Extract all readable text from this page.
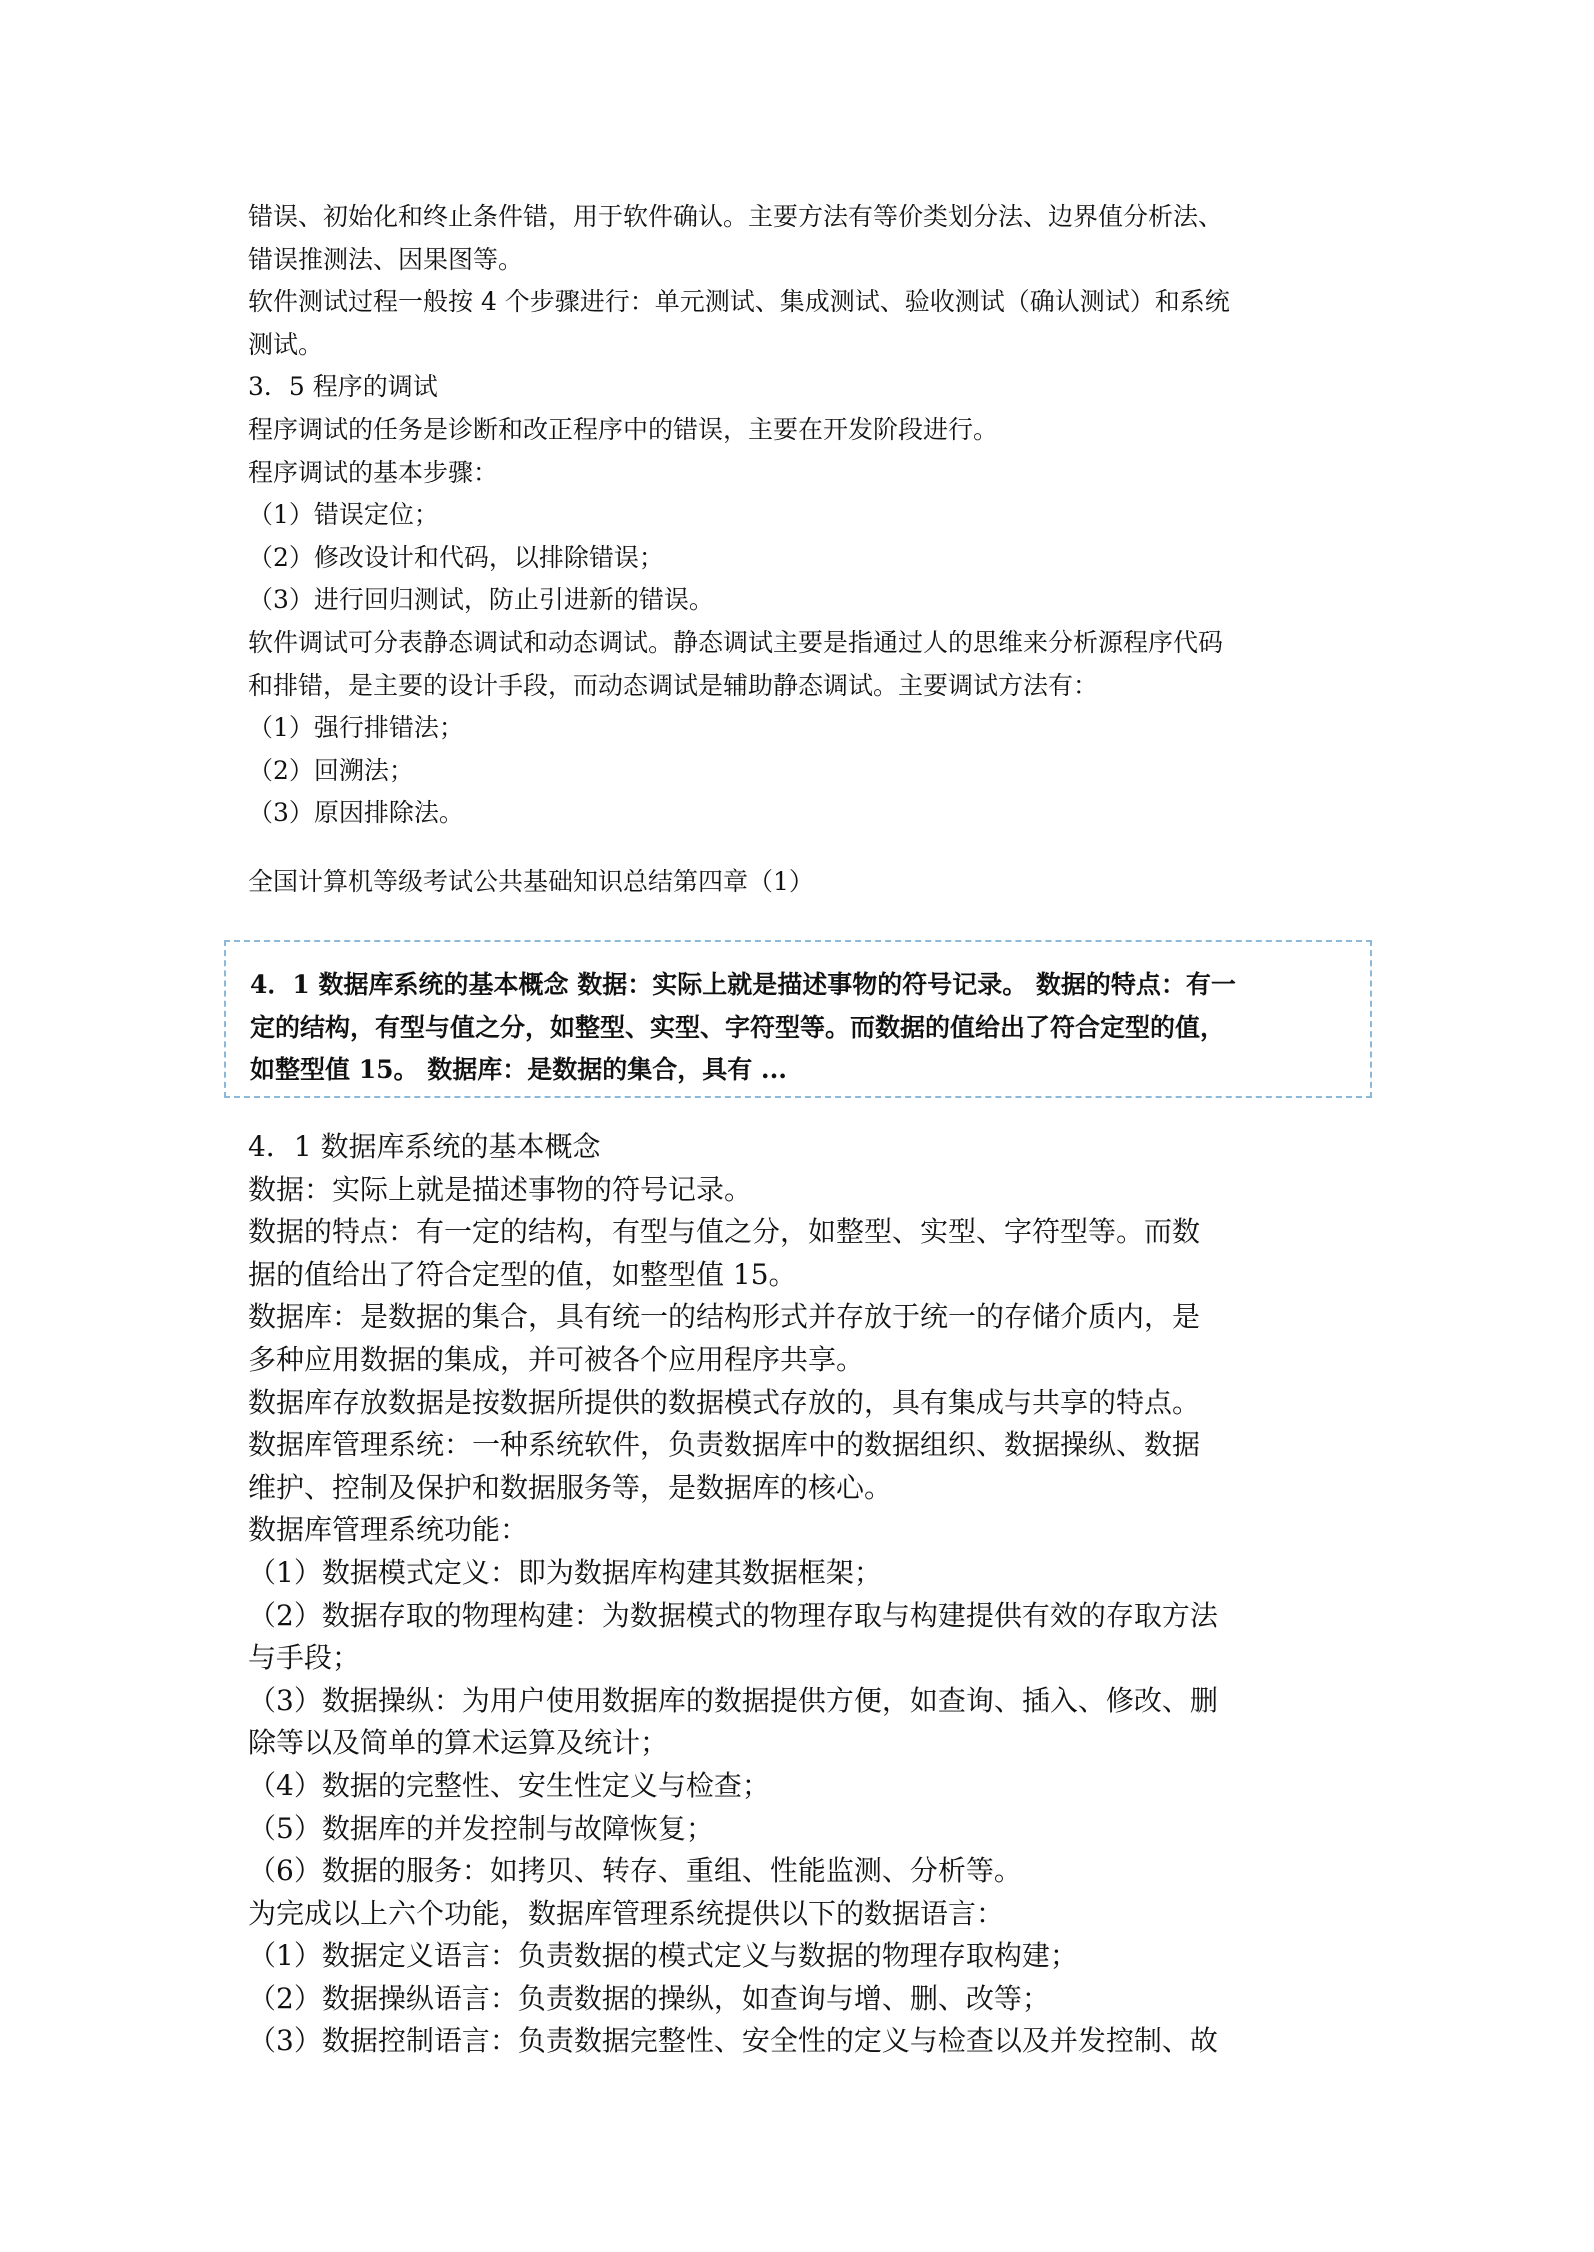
错误、初始化和终止条件错，用于软件确认。主要方法有等价类划分法、边界值分析法、

错误推测法、因果图等。

软件测试过程一般按 4 个步骤进行：单元测试、集成测试、验收测试（确认测试）和系统

测试。

3．5 程序的调试

程序调试的任务是诊断和改正程序中的错误，主要在开发阶段进行。

程序调试的基本步骤：

（1）错误定位；

（2）修改设计和代码，以排除错误；

（3）进行回归测试，防止引进新的错误。

软件调试可分表静态调试和动态调试。静态调试主要是指通过人的思维来分析源程序代码

和排错，是主要的设计手段，而动态调试是辅助静态调试。主要调试方法有：

（1）强行排错法；

（2）回溯法；

（3）原因排除法。

全国计算机等级考试公共基础知识总结第四章（1）

4．1 数据库系统的基本概念 数据：实际上就是描述事物的符号记录。 数据的特点：有一

定的结构，有型与值之分，如整型、实型、字符型等。而数据的值给出了符合定型的值，

如整型值 15。 数据库：是数据的集合，具有 ...

4．1 数据库系统的基本概念

数据：实际上就是描述事物的符号记录。

数据的特点：有一定的结构，有型与值之分，如整型、实型、字符型等。而数

据的值给出了符合定型的值，如整型值 15。

数据库：是数据的集合，具有统一的结构形式并存放于统一的存储介质内，是

多种应用数据的集成，并可被各个应用程序共享。

数据库存放数据是按数据所提供的数据模式存放的，具有集成与共享的特点。

数据库管理系统：一种系统软件，负责数据库中的数据组织、数据操纵、数据

维护、控制及保护和数据服务等，是数据库的核心。

数据库管理系统功能：

（1）数据模式定义：即为数据库构建其数据框架；

（2）数据存取的物理构建：为数据模式的物理存取与构建提供有效的存取方法

与手段；

（3）数据操纵：为用户使用数据库的数据提供方便，如查询、插入、修改、删

除等以及简单的算术运算及统计；

（4）数据的完整性、安生性定义与检查；

（5）数据库的并发控制与故障恢复；

（6）数据的服务：如拷贝、转存、重组、性能监测、分析等。

为完成以上六个功能，数据库管理系统提供以下的数据语言：

（1）数据定义语言：负责数据的模式定义与数据的物理存取构建；

（2）数据操纵语言：负责数据的操纵，如查询与增、删、改等；

（3）数据控制语言：负责数据完整性、安全性的定义与检查以及并发控制、故
